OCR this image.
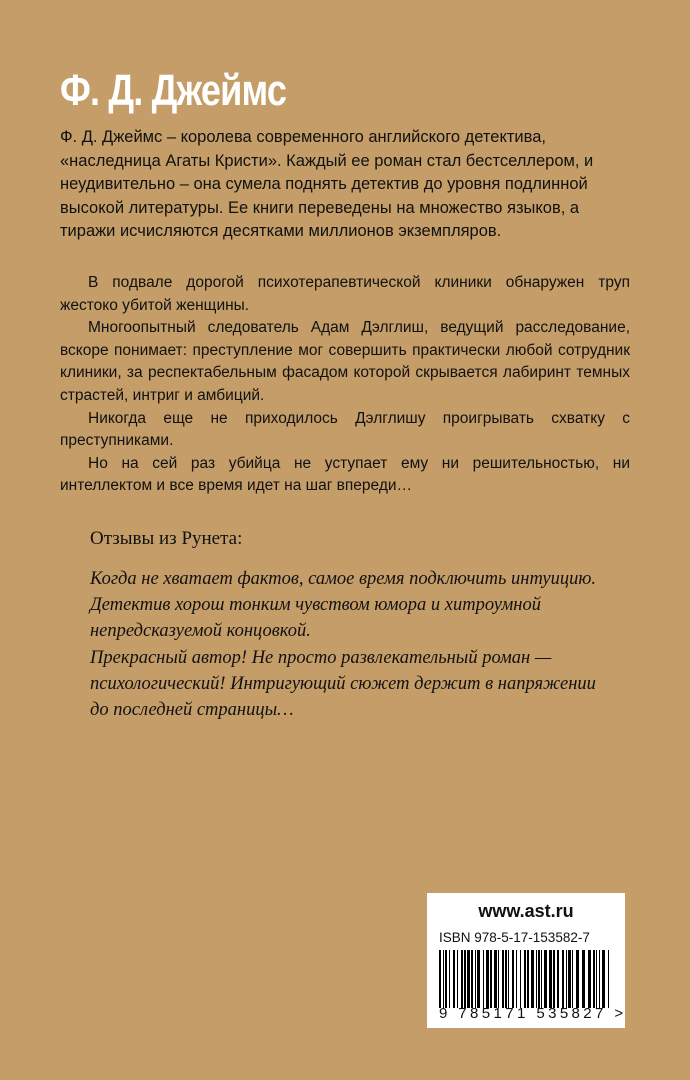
Ф. Д. Джеймс

Ф. Д. Джеймс – королева современного английского детектива, «наследница Агаты Кристи». Каждый ее роман стал бестселлером, и неудивительно – она сумела поднять детектив до уровня подлинной высокой литературы. Ее книги переведены на множество языков, а тиражи исчисляются десятками миллионов экземпляров.

В подвале дорогой психотерапевтической клиники обнаружен труп жестоко убитой женщины.

Многоопытный следователь Адам Дэлглиш, ведущий расследование, вскоре понимает: преступление мог совершить практически любой сотрудник клиники, за респектабельным фасадом которой скрывается лабиринт темных страстей, интриг и амбиций.

Никогда еще не приходилось Дэлглишу проигрывать схватку с преступниками.

Но на сей раз убийца не уступает ему ни решительностью, ни интеллектом и все время идет на шаг впереди…

Отзывы из Рунета:

Когда не хватает фактов, самое время подключить интуицию. Детектив хорош тонким чувством юмора и хитроумной непредсказуемой концовкой.

Прекрасный автор! Не просто развлекательный роман — психологический! Интригующий сюжет держит в напряжении до последней страницы…

www.ast.ru
ISBN 978-5-17-153582-7
9 785171 535827 >
